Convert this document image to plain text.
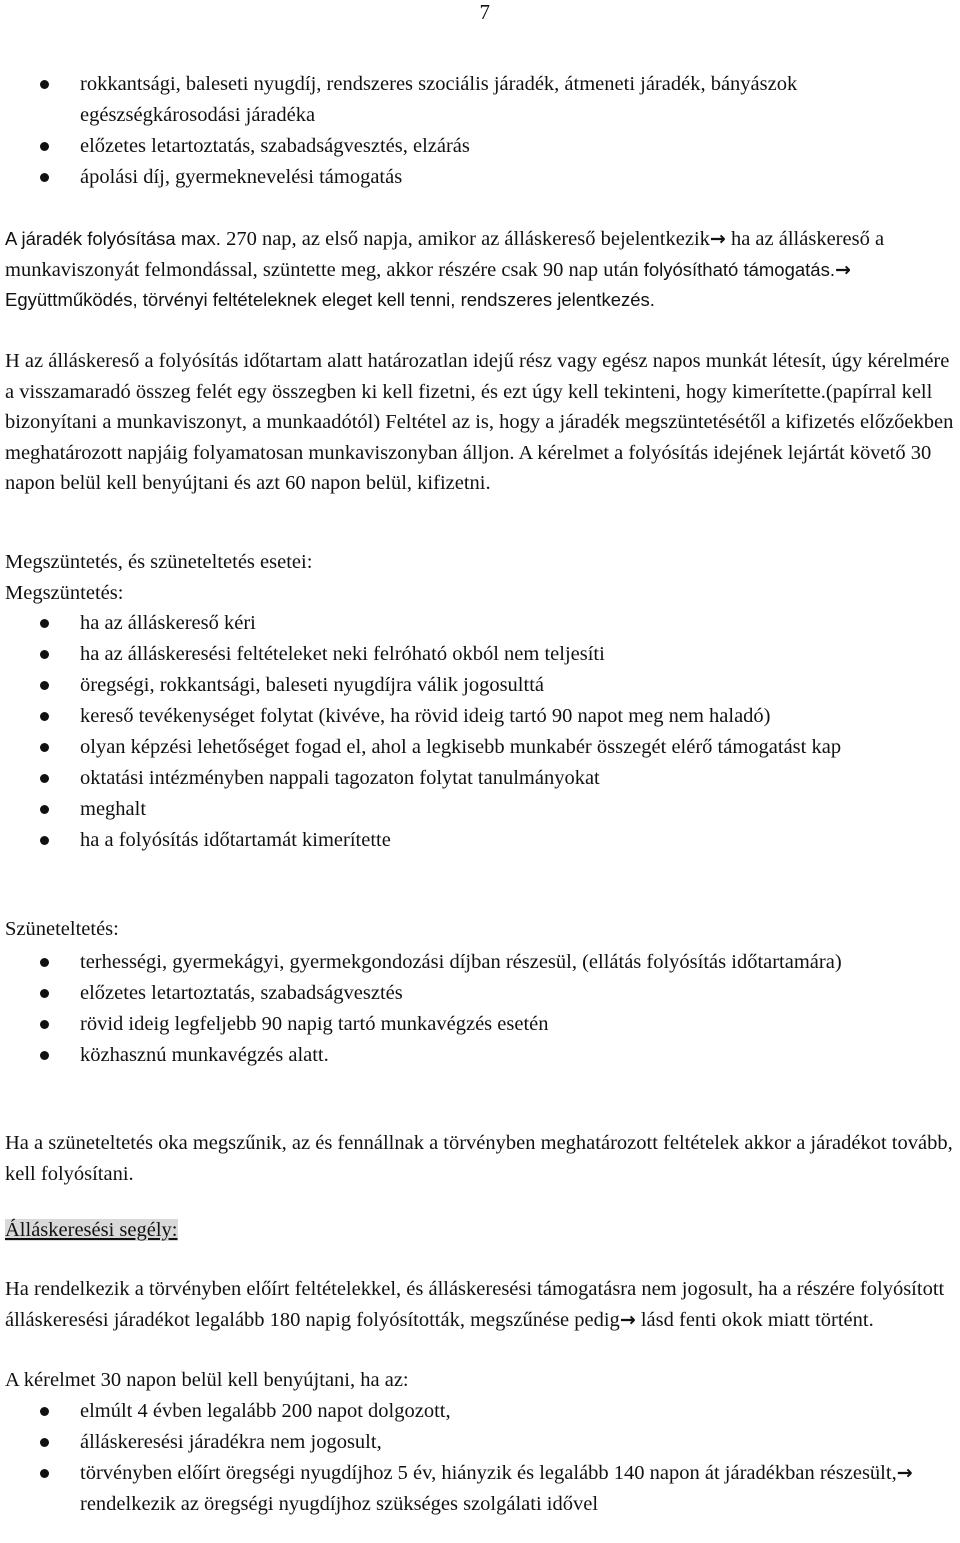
7
rokkantsági, baleseti nyugdíj, rendszeres szociális járadék, átmeneti járadék, bányászok egészségkárosodási járadéka
előzetes letartoztatás, szabadságvesztés, elzárás
ápolási díj, gyermeknevelési támogatás
A járadék folyósítása max. 270 nap, az első napja, amikor az álláskereső bejelentkezik→ ha az álláskereső a munkaviszonyát felmondással, szüntette meg, akkor részére csak 90 nap után folyósítható támogatás.→ Együttműködés, törvényi feltételeknek eleget kell tenni, rendszeres jelentkezés.
H az álláskereső a folyósítás időtartam alatt határozatlan idejű rész vagy egész napos munkát létesít, úgy kérelmére a visszamaradó összeg felét egy összegben ki kell fizetni, és ezt úgy kell tekinteni, hogy kimerítette.(papírral kell bizonyítani a munkaviszonyt, a munkaadótól) Feltétel az is, hogy a járadék megszüntetésétől a kifizetés előzőekben meghatározott napjáig folyamatosan munkaviszonyban álljon. A kérelmet a folyósítás idejének lejártát követő 30 napon belül kell benyújtani és azt 60 napon belül, kifizetni.
Megszüntetés, és szüneteltetés esetei:
Megszüntetés:
ha az álláskereső kéri
ha az álláskeresési feltételeket neki felróható okból nem teljesíti
öregségi, rokkantsági, baleseti nyugdíjra válik jogosulttá
kereső tevékenységet folytat (kivéve, ha rövid ideig tartó 90 napot meg nem haladó)
olyan képzési lehetőséget fogad el, ahol a legkisebb munkabér összegét elérő támogatást kap
oktatási intézményben nappali tagozaton folytat tanulmányokat
meghalt
ha a folyósítás időtartamát kimerítette
Szüneteltetés:
terhességi, gyermekágyi, gyermekgondozási díjban részesül, (ellátás folyósítás időtartamára)
előzetes letartoztatás, szabadságvesztés
rövid ideig legfeljebb 90 napig tartó munkavégzés esetén
közhasznú munkavégzés alatt.
Ha a szüneteltetés oka megszűnik, az és fennállnak a törvényben meghatározott feltételek akkor a járadékot tovább, kell folyósítani.
Álláskeresési segély:
Ha rendelkezik a törvényben előírt feltételekkel, és álláskeresési támogatásra nem jogosult, ha a részére folyósított álláskeresési járadékot legalább 180 napig folyósították, megszűnése pedig→ lásd fenti okok miatt történt.
A kérelmet 30 napon belül kell benyújtani, ha az:
elmúlt 4 évben legalább 200 napot dolgozott,
álláskeresési járadékra nem jogosult,
törvényben előírt öregségi nyugdíjhoz 5 év, hiányzik és legalább 140 napon át járadékban részesült,→ rendelkezik az öregségi nyugdíjhoz szükséges szolgálati idővel
